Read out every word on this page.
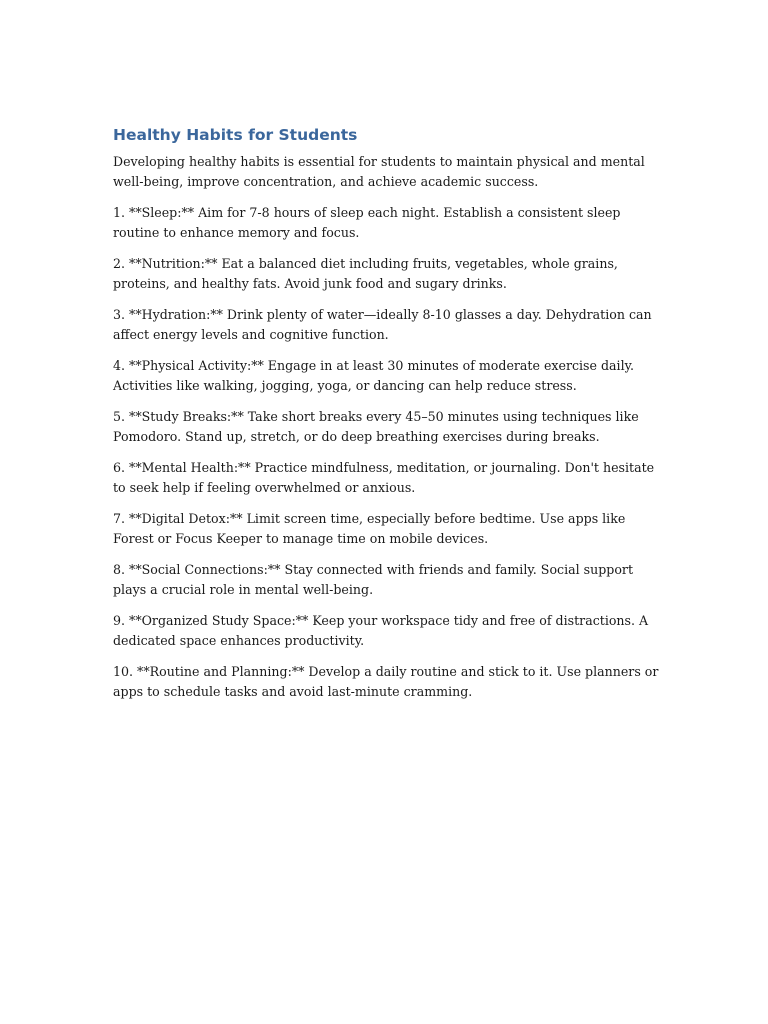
Healthy Habits for Students

Developing healthy habits is essential for students to maintain physical and mental well-being, improve concentration, and achieve academic success.

1. **Sleep:** Aim for 7-8 hours of sleep each night. Establish a consistent sleep routine to enhance memory and focus.

2. **Nutrition:** Eat a balanced diet including fruits, vegetables, whole grains, proteins, and healthy fats. Avoid junk food and sugary drinks.

3. **Hydration:** Drink plenty of water—ideally 8-10 glasses a day. Dehydration can affect energy levels and cognitive function.

4. **Physical Activity:** Engage in at least 30 minutes of moderate exercise daily. Activities like walking, jogging, yoga, or dancing can help reduce stress.

5. **Study Breaks:** Take short breaks every 45–50 minutes using techniques like Pomodoro. Stand up, stretch, or do deep breathing exercises during breaks.

6. **Mental Health:** Practice mindfulness, meditation, or journaling. Don't hesitate to seek help if feeling overwhelmed or anxious.

7. **Digital Detox:** Limit screen time, especially before bedtime. Use apps like Forest or Focus Keeper to manage time on mobile devices.

8. **Social Connections:** Stay connected with friends and family. Social support plays a crucial role in mental well-being.

9. **Organized Study Space:** Keep your workspace tidy and free of distractions. A dedicated space enhances productivity.

10. **Routine and Planning:** Develop a daily routine and stick to it. Use planners or apps to schedule tasks and avoid last-minute cramming.
